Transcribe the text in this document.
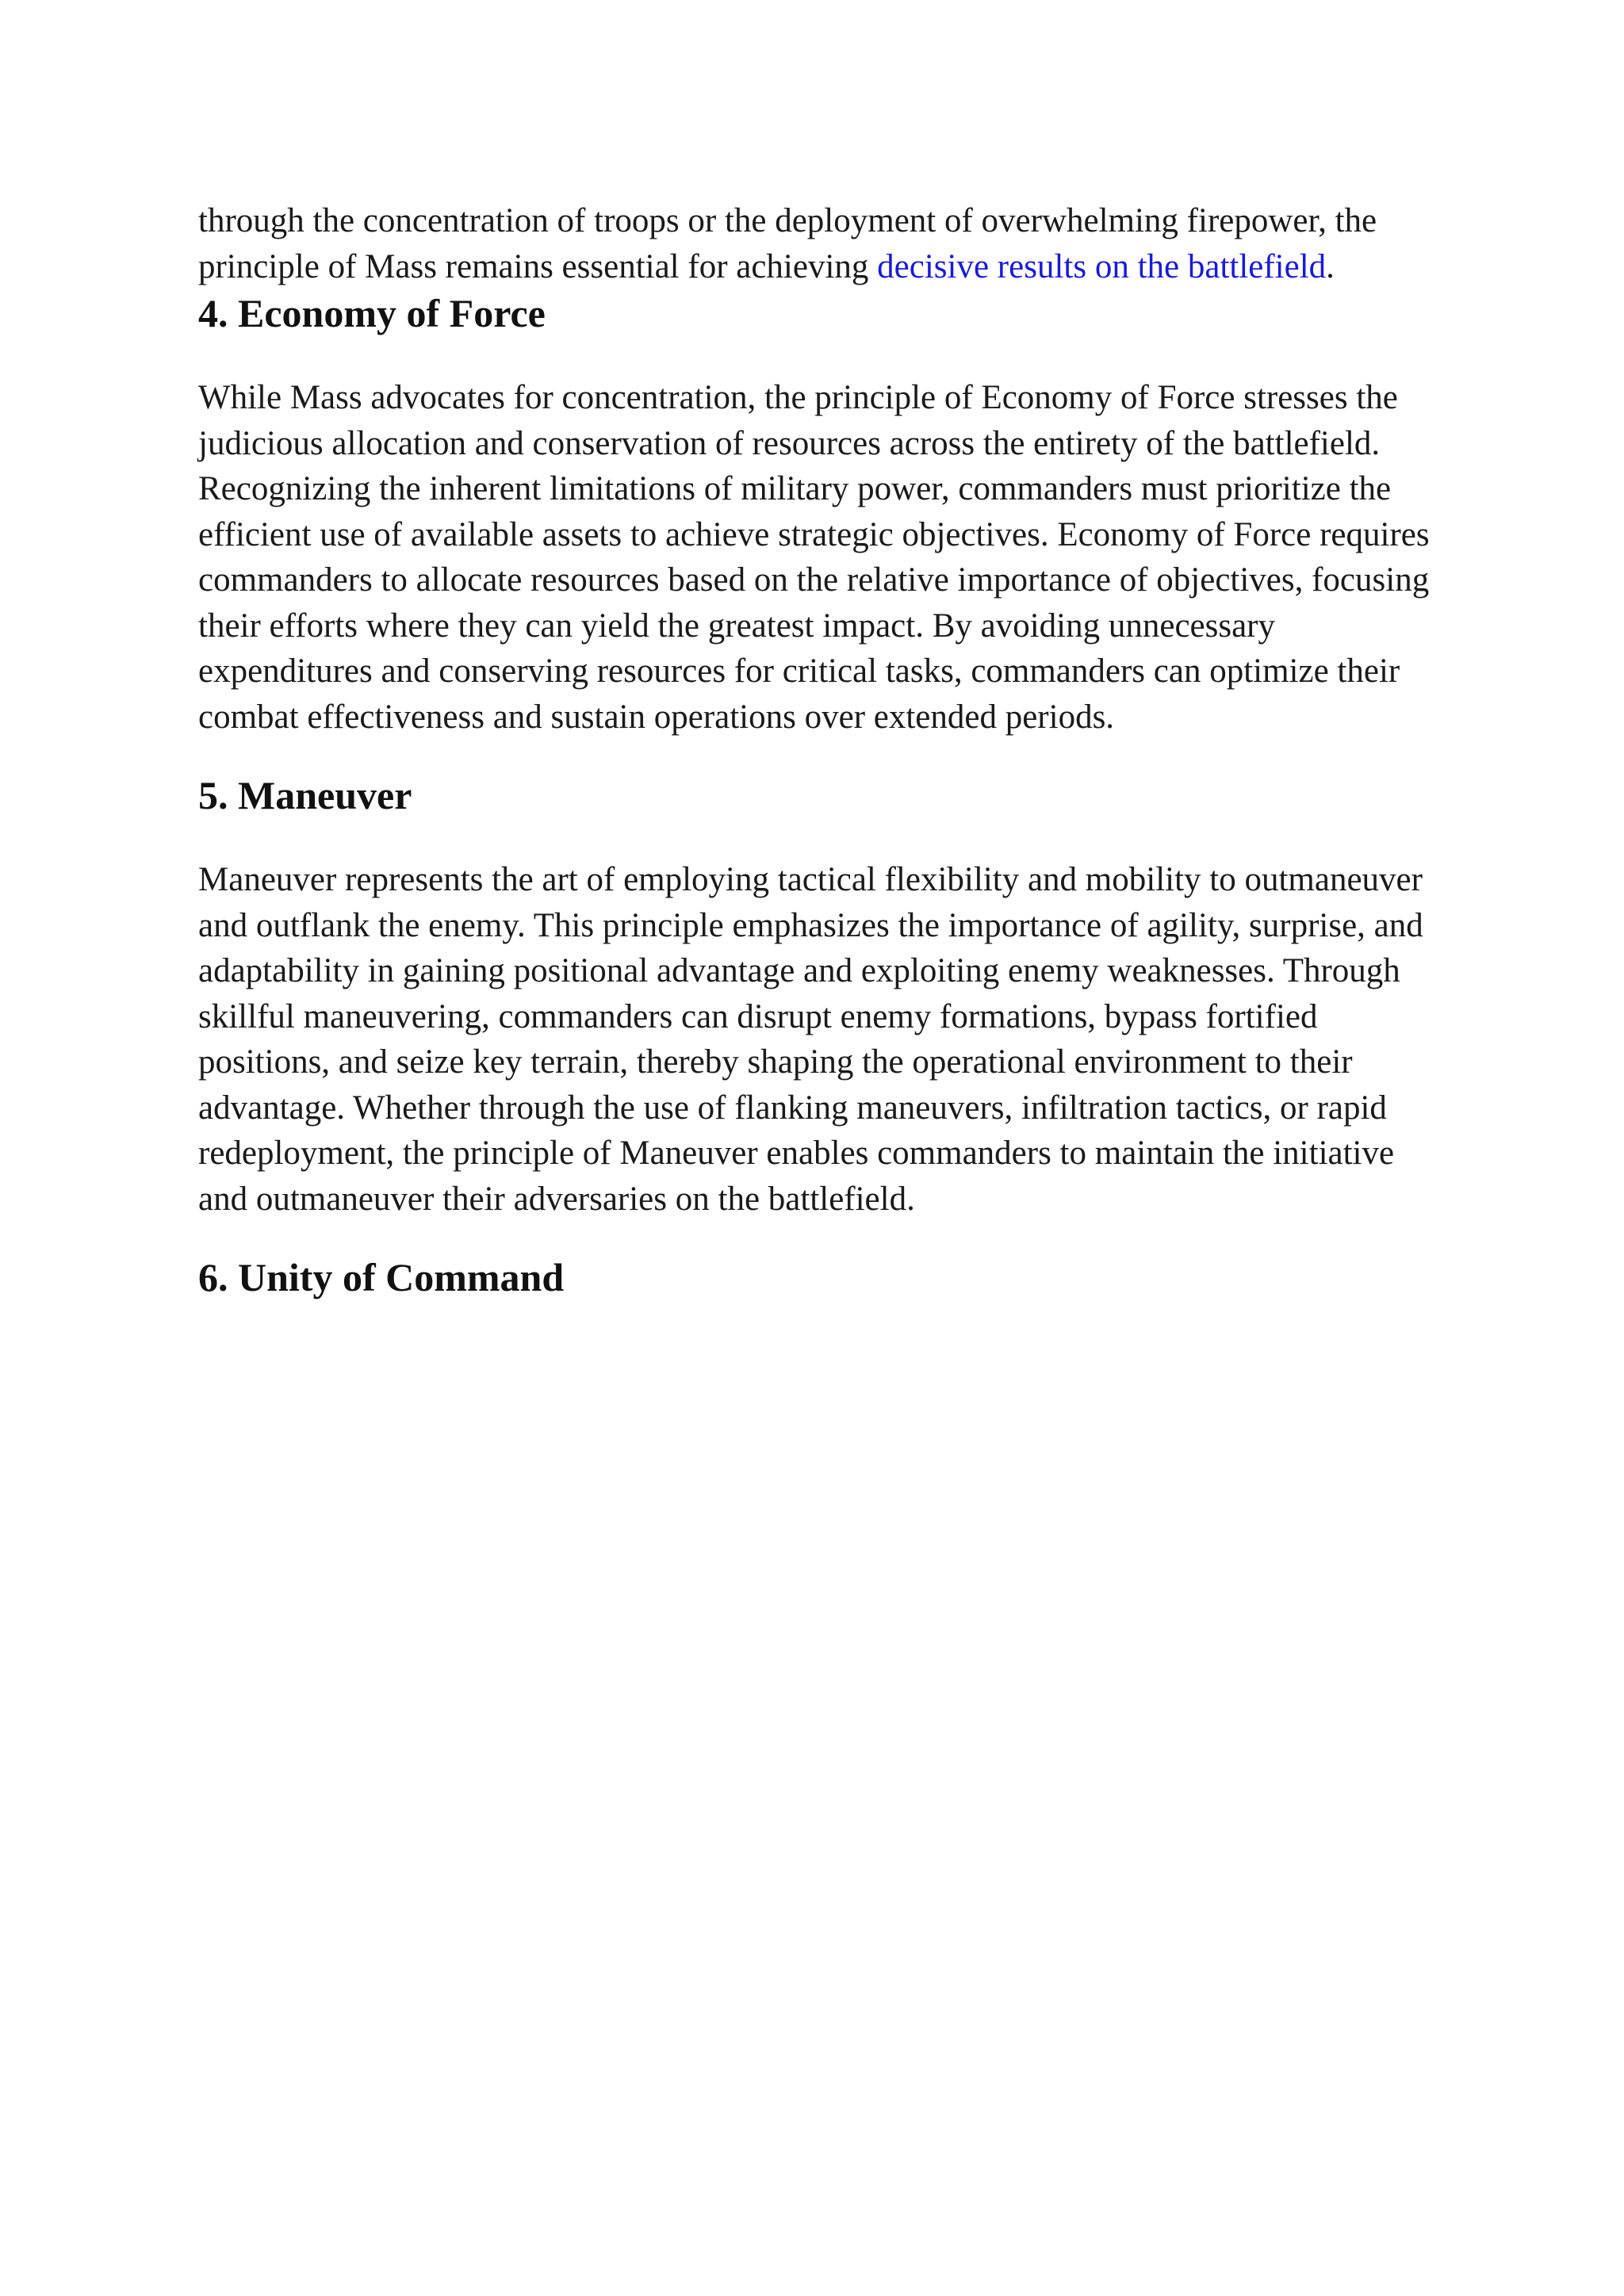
through the concentration of troops or the deployment of overwhelming firepower, the principle of Mass remains essential for achieving decisive results on the battlefield.

4. Economy of Force

While Mass advocates for concentration, the principle of Economy of Force stresses the judicious allocation and conservation of resources across the entirety of the battlefield. Recognizing the inherent limitations of military power, commanders must prioritize the efficient use of available assets to achieve strategic objectives. Economy of Force requires commanders to allocate resources based on the relative importance of objectives, focusing their efforts where they can yield the greatest impact. By avoiding unnecessary expenditures and conserving resources for critical tasks, commanders can optimize their combat effectiveness and sustain operations over extended periods.

5. Maneuver

Maneuver represents the art of employing tactical flexibility and mobility to outmaneuver and outflank the enemy. This principle emphasizes the importance of agility, surprise, and adaptability in gaining positional advantage and exploiting enemy weaknesses. Through skillful maneuvering, commanders can disrupt enemy formations, bypass fortified positions, and seize key terrain, thereby shaping the operational environment to their advantage. Whether through the use of flanking maneuvers, infiltration tactics, or rapid redeployment, the principle of Maneuver enables commanders to maintain the initiative and outmaneuver their adversaries on the battlefield.

6. Unity of Command
